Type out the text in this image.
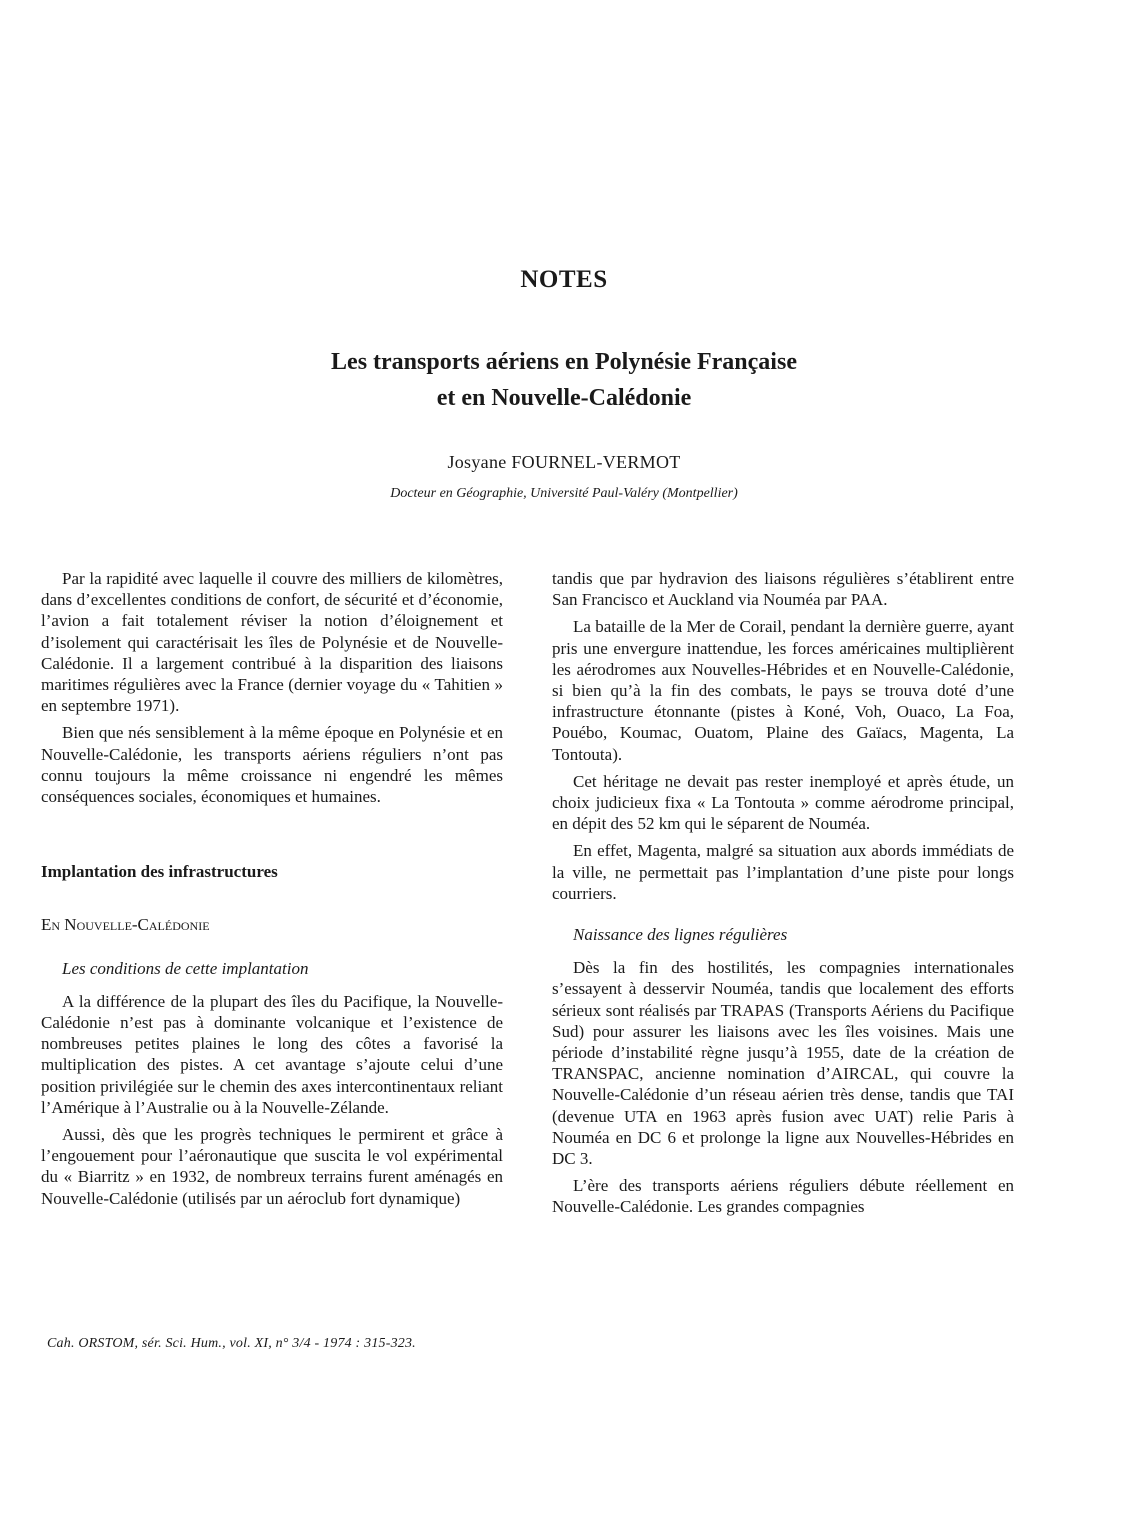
NOTES
Les transports aériens en Polynésie Française
et en Nouvelle-Calédonie
Josyane FOURNEL-VERMOT
Docteur en Géographie, Université Paul-Valéry (Montpellier)

Par la rapidité avec laquelle il couvre des milliers de kilomètres, dans d’excellentes conditions de confort, de sécurité et d’économie, l’avion a fait totalement réviser la notion d’éloignement et d’isolement qui caractérisait les îles de Polynésie et de Nouvelle-Calédonie. Il a largement contribué à la disparition des liaisons maritimes régulières avec la France (dernier voyage du « Tahitien » en septembre 1971).

Bien que nés sensiblement à la même époque en Polynésie et en Nouvelle-Calédonie, les transports aériens réguliers n’ont pas connu toujours la même croissance ni engendré les mêmes conséquences sociales, économiques et humaines.

Implantation des infrastructures
En Nouvelle-Calédonie
Les conditions de cette implantation

A la différence de la plupart des îles du Pacifique, la Nouvelle-Calédonie n’est pas à dominante volcanique et l’existence de nombreuses petites plaines le long des côtes a favorisé la multiplication des pistes. A cet avantage s’ajoute celui d’une position privilégiée sur le chemin des axes intercontinentaux reliant l’Amérique à l’Australie ou à la Nouvelle-Zélande.

Aussi, dès que les progrès techniques le permirent et grâce à l’engouement pour l’aéronautique que suscita le vol expérimental du « Biarritz » en 1932, de nombreux terrains furent aménagés en Nouvelle-Calédonie (utilisés par un aéroclub fort dynamique)

tandis que par hydravion des liaisons régulières s’établirent entre San Francisco et Auckland via Nouméa par PAA.

La bataille de la Mer de Corail, pendant la dernière guerre, ayant pris une envergure inattendue, les forces américaines multiplièrent les aérodromes aux Nouvelles-Hébrides et en Nouvelle-Calédonie, si bien qu’à la fin des combats, le pays se trouva doté d’une infrastructure étonnante (pistes à Koné, Voh, Ouaco, La Foa, Pouébo, Koumac, Ouatom, Plaine des Gaïacs, Magenta, La Tontouta).

Cet héritage ne devait pas rester inemployé et après étude, un choix judicieux fixa « La Tontouta » comme aérodrome principal, en dépit des 52 km qui le séparent de Nouméa.

En effet, Magenta, malgré sa situation aux abords immédiats de la ville, ne permettait pas l’implantation d’une piste pour longs courriers.

Naissance des lignes régulières

Dès la fin des hostilités, les compagnies internationales s’essayent à desservir Nouméa, tandis que localement des efforts sérieux sont réalisés par TRAPAS (Transports Aériens du Pacifique Sud) pour assurer les liaisons avec les îles voisines. Mais une période d’instabilité règne jusqu’à 1955, date de la création de TRANSPAC, ancienne nomination d’AIRCAL, qui couvre la Nouvelle-Calédonie d’un réseau aérien très dense, tandis que TAI (devenue UTA en 1963 après fusion avec UAT) relie Paris à Nouméa en DC 6 et prolonge la ligne aux Nouvelles-Hébrides en DC 3.

L’ère des transports aériens réguliers débute réellement en Nouvelle-Calédonie. Les grandes compagnies

Cah. ORSTOM, sér. Sci. Hum., vol. XI, n° 3/4 - 1974 : 315-323.
